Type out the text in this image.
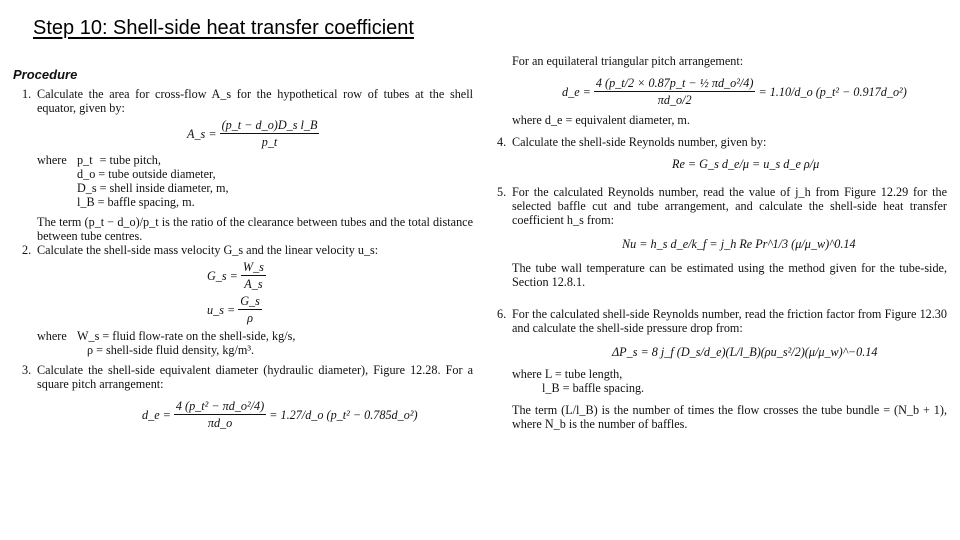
Step 10: Shell-side heat transfer coefficient
Procedure
1. Calculate the area for cross-flow A_s for the hypothetical row of tubes at the shell equator, given by:

A_s = $\frac{\text{(p\_t − d\_o)D\_s l\_B}}{p\_t}$
where p_t = tube pitch,
d_o = tube outside diameter,
D_s = shell inside diameter, m,
l_B = baffle spacing, m.

The term (p_t − d_o)/p_t is the ratio of the clearance between tubes and the total distance between tube centres.

2. Calculate the shell-side mass velocity G_s and the linear velocity u_s:

G_s = $\frac{W\_s}{A\_s}$
u_s = $\frac{G\_s}{\rho}$
where W_s = fluid flow-rate on the shell-side, kg/s,
ρ = shell-side fluid density, kg/m³.
3. Calculate the shell-side equivalent diameter (hydraulic diameter), Figure 12.28. For a square pitch arrangement:

d_e = $\frac{\text{4 (p\_t² − πd\_o²/4)}}{\pi d\_o}$ = 1.27/d_o (p_t² − 0.785d_o²)

For an equilateral triangular pitch arrangement:

d_e = $\frac{\text{4 (p\_t/2 × 0.87p\_t − ½ πd\_o²/4)}}{\pi d\_o/2}$ = 1.10/d_o (p_t² − 0.917d_o²)

where d_e = equivalent diameter, m.

4. Calculate the shell-side Reynolds number, given by:

Re = G_s d_e/μ = u_s d_e ρ/μ
5. For the calculated Reynolds number, read the value of j_h from Figure 12.29 for the selected baffle cut and tube arrangement, and calculate the shell-side heat transfer coefficient h_s from:

Nu = h_s d_e/k_f = j_h Re Pr^1/3 (μ/μ_w)^0.14

The tube wall temperature can be estimated using the method given for the tube-side, Section 12.8.1.

6. For the calculated shell-side Reynolds number, read the friction factor from Figure 12.30 and calculate the shell-side pressure drop from:

ΔP_s = 8 j_f (D_s/d_e)(L/l_B)(ρu_s²/2)(μ/μ_w)^−0.14

where L = tube length,

l_B = baffle spacing.

The term (L/l_B) is the number of times the flow crosses the tube bundle = (N_b + 1), where N_b is the number of baffles.
